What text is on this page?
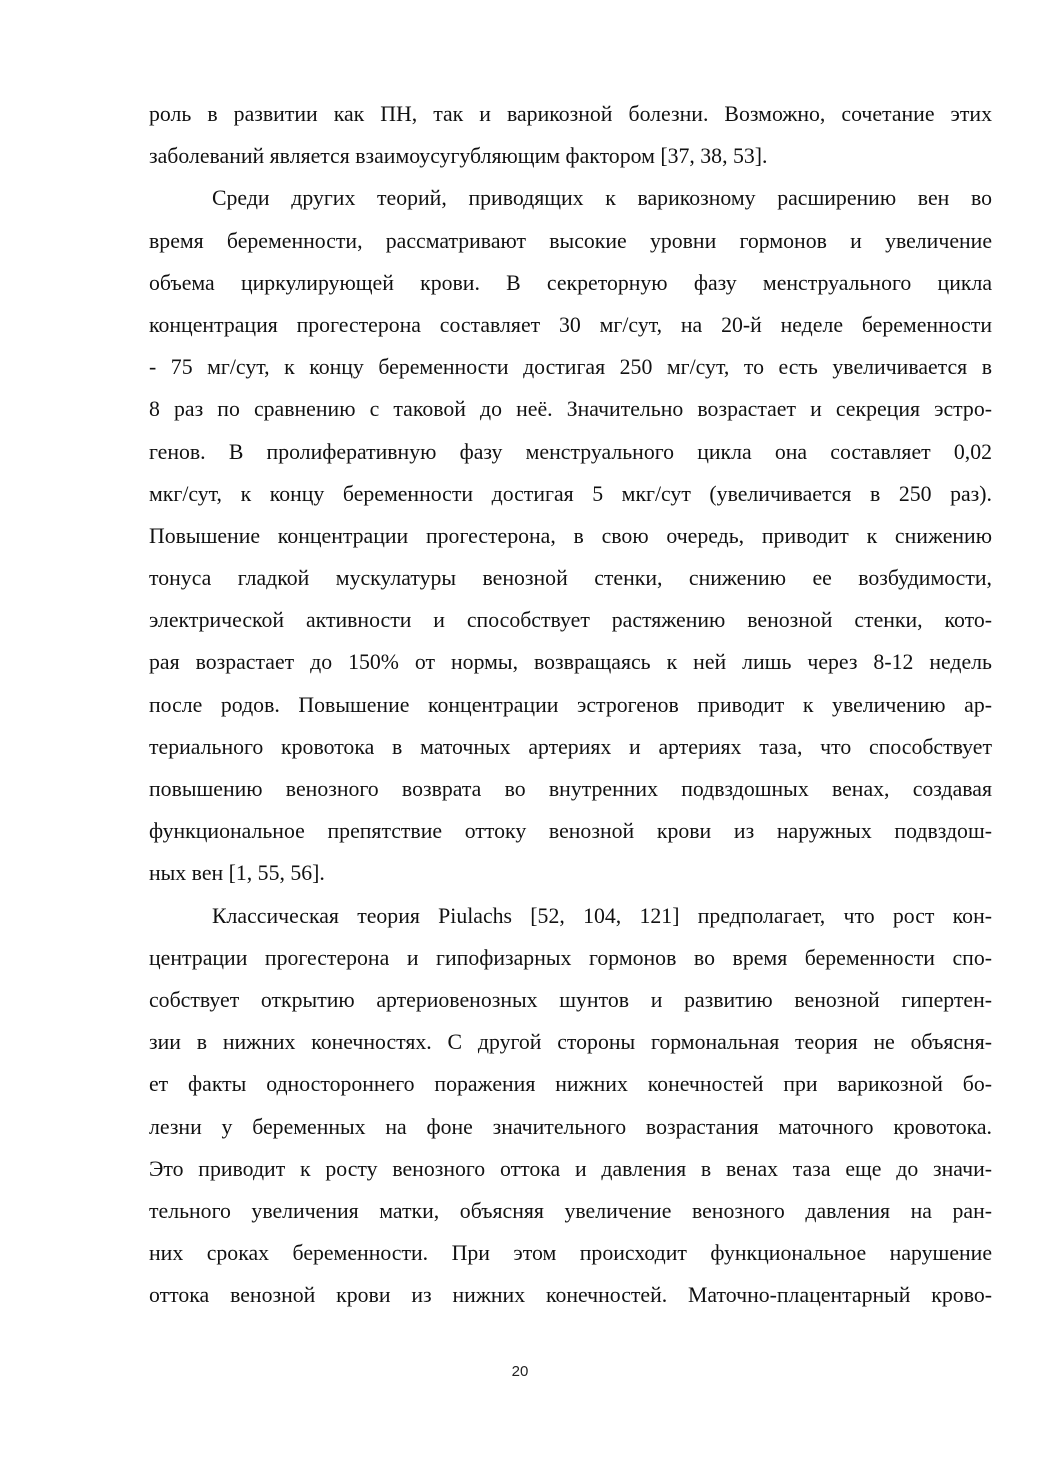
роль в развитии как ПН, так и варикозной болезни. Возможно, сочетание этих
заболеваний является взаимоусугубляющим фактором [37, 38, 53].
Среди других теорий, приводящих к варикозному расширению вен во
время беременности, рассматривают высокие уровни гормонов и увеличение
объема циркулирующей крови. В секреторную фазу менструального цикла
концентрация прогестерона составляет 30 мг/сут, на 20-й неделе беременности
- 75 мг/сут, к концу беременности достигая 250 мг/сут, то есть увеличивается в
8 раз по сравнению с таковой до неё. Значительно возрастает и секреция эстро-
генов. В пролиферативную фазу менструального цикла она составляет 0,02
мкг/сут, к концу беременности достигая 5 мкг/сут (увеличивается в 250 раз).
Повышение концентрации прогестерона, в свою очередь, приводит к снижению
тонуса гладкой мускулатуры венозной стенки, снижению ее возбудимости,
электрической активности и способствует растяжению венозной стенки, кото-
рая возрастает до 150% от нормы, возвращаясь к ней лишь через 8-12 недель
после родов. Повышение концентрации эстрогенов приводит к увеличению ар-
териального кровотока в маточных артериях и артериях таза, что способствует
повышению венозного возврата во внутренних подвздошных венах, создавая
функциональное препятствие оттоку венозной крови из наружных подвздош-
ных вен [1, 55, 56].
Классическая теория Piulachs [52, 104, 121] предполагает, что рост кон-
центрации прогестерона и гипофизарных гормонов во время беременности спо-
собствует открытию артериовенозных шунтов и развитию венозной гипертен-
зии в нижних конечностях. С другой стороны гормональная теория не объясня-
ет факты одностороннего поражения нижних конечностей при варикозной бо-
лезни у беременных на фоне значительного возрастания маточного кровотока.
Это приводит к росту венозного оттока и давления в венах таза еще до значи-
тельного увеличения матки, объясняя увеличение венозного давления на ран-
них сроках беременности. При этом происходит функциональное нарушение
оттока венозной крови из нижних конечностей. Маточно-плацентарный крово-
20
